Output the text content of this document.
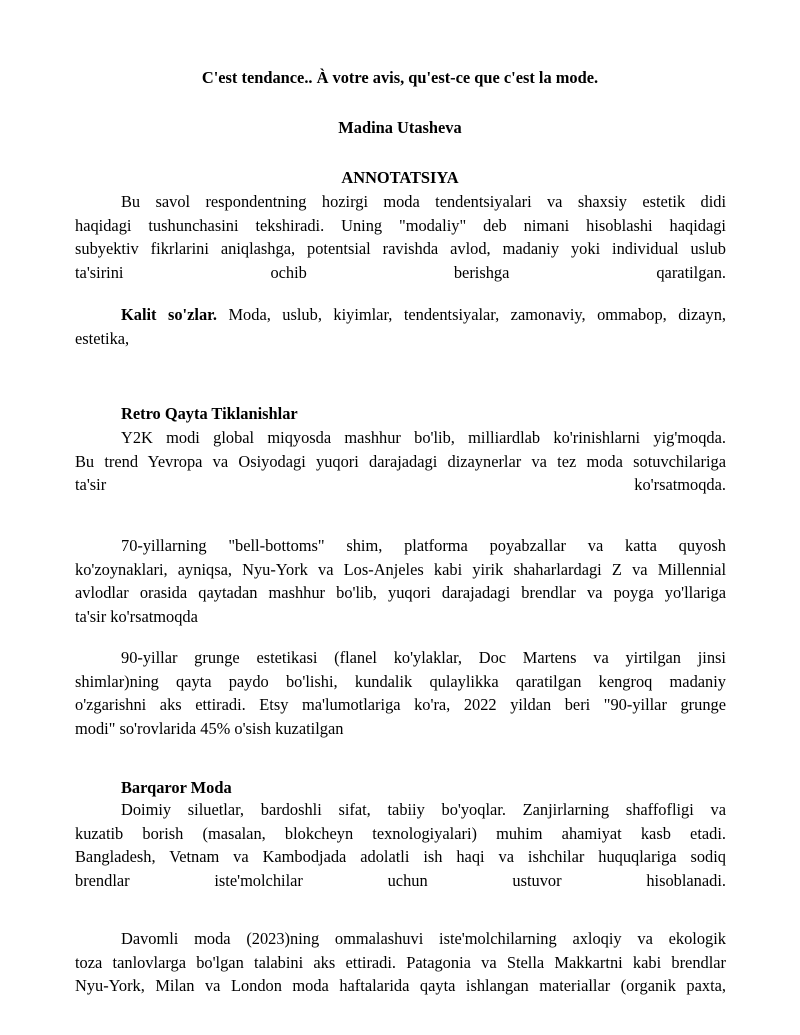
C'est tendance.. À votre avis, qu'est-ce que c'est la mode.
Madina Utasheva
ANNOTATSIYA
Bu savol respondentning hozirgi moda tendentsiyalari va shaxsiy estetik didi
haqidagi tushunchasini tekshiradi. Uning "modaliy" deb nimani hisoblashi haqidagi
subyektiv fikrlarini aniqlashga, potentsial ravishda avlod, madaniy yoki individual uslub
ta'sirini ochib berishga qaratilgan.
Kalit so'zlar. Moda, uslub, kiyimlar, tendentsiyalar, zamonaviy, ommabop, dizayn,
estetika,
Retro Qayta Tiklanishlar
Y2K modi global miqyosda mashhur bo'lib, milliardlab ko'rinishlarni yig'moqda.
Bu trend Yevropa va Osiyodagi yuqori darajadagi dizaynerlar va tez moda sotuvchilariga
ta'sir ko'rsatmoqda.
70-yillarning "bell-bottoms" shim, platforma poyabzallar va katta quyosh
ko'zoynaklari, ayniqsa, Nyu-York va Los-Anjeles kabi yirik shaharlardagi Z va Millennial
avlodlar orasida qaytadan mashhur bo'lib, yuqori darajadagi brendlar va poyga yo'llariga
ta'sir ko'rsatmoqda
90-yillar grunge estetikasi (flanel ko'ylaklar, Doc Martens va yirtilgan jinsi
shimlar)ning qayta paydo bo'lishi, kundalik qulaylikka qaratilgan kengroq madaniy
o'zgarishni aks ettiradi. Etsy ma'lumotlariga ko'ra, 2022 yildan beri "90-yillar grunge
modi" so'rovlarida 45% o'sish kuzatilgan
Barqaror Moda
Doimiy siluetlar, bardoshli sifat, tabiiy bo'yoqlar. Zanjirlarning shaffofligi va
kuzatib borish (masalan, blokcheyn texnologiyalari) muhim ahamiyat kasb etadi.
Bangladesh, Vetnam va Kambodjada adolatli ish haqi va ishchilar huquqlariga sodiq
brendlar iste'molchilar uchun ustuvor hisoblanadi.
Davomli moda (2023)ning ommalashuvi iste'molchilarning axloqiy va ekologik
toza tanlovlarga bo'lgan talabini aks ettiradi. Patagonia va Stella Makkartni kabi brendlar
Nyu-York, Milan va London moda haftalarida qayta ishlangan materiallar (organik paxta,
